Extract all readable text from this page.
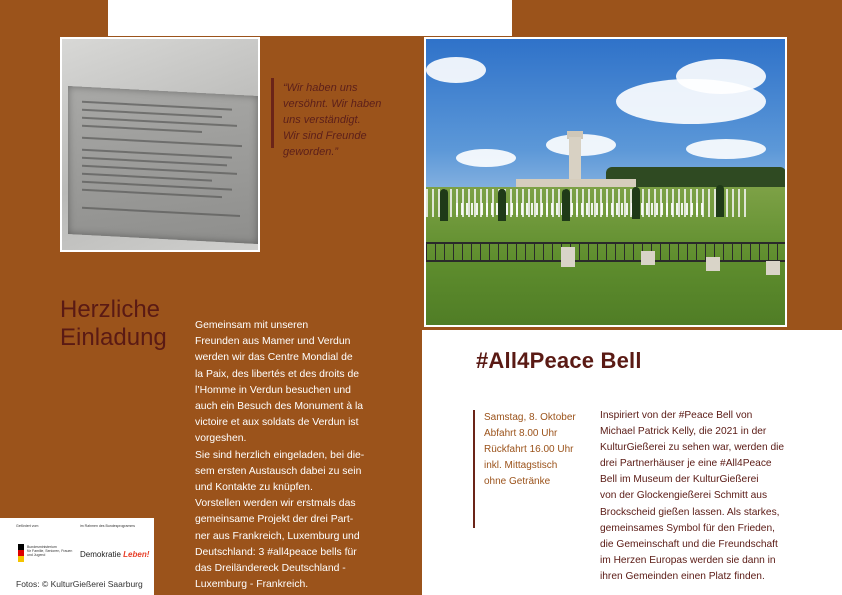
“Wir haben uns
versöhnt. Wir haben
uns verständigt.
Wir sind Freunde
geworden.”
Herzliche
Einladung	Gemeinsam mit unseren
Freunden aus Mamer und Verdun
werden wir das Centre Mondial de
la Paix, des libertés et des droits de
l’Homme in Verdun besuchen und
auch ein Besuch des Monument à la
victoire et aux soldats de Verdun ist
vorgeshen.

Sie sind herzlich eingeladen, bei die-
sem ersten Austausch dabei zu sein
und Kontakte zu knüpfen.

Vorstellen werden wir erstmals das
gemeinsame Projekt der drei Part-
ner aus Frankreich, Luxemburg und
Deutschland: 3 #all4peace bells für
das Dreiländereck Deutschland -
Luxemburg - Frankreich.

Gefördert vom
Bundesministerium
für Familie, Senioren, Frauen
und Jugend
im Rahmen des Bundesprogramms
Demokratie Leben!
Fotos: © KulturGießerei Saarburg
#All4Peace Bell
Samstag, 8. Oktober
Abfahrt 8.00 Uhr
Rückfahrt 16.00 Uhr
inkl. Mittagstisch
ohne Getränke
Inspiriert von der #Peace Bell von
Michael Patrick Kelly, die 2021 in der
KulturGießerei zu sehen war, werden die
drei Partnerhäuser je eine #All4Peace
Bell im Museum der KulturGießerei
von der Glockengießerei Schmitt aus
Brockscheid gießen lassen. Als starkes,
gemeinsames Symbol für den Frieden,
die Gemeinschaft und die Freundschaft
im Herzen Europas werden sie dann in
ihren Gemeinden einen Platz finden.
